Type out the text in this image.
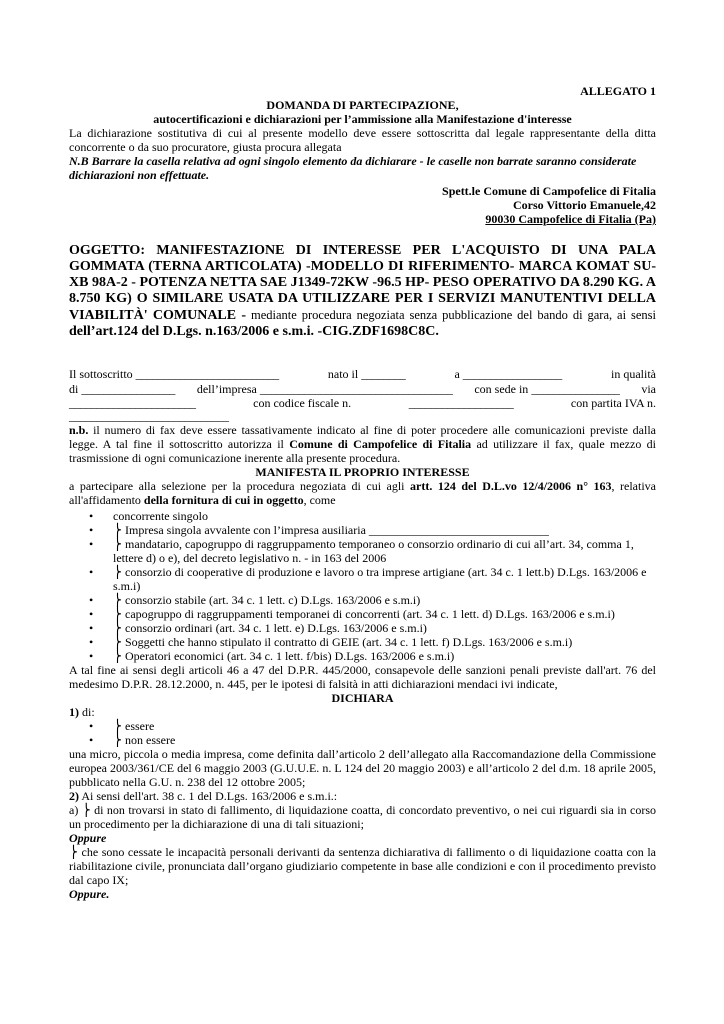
ALLEGATO 1

DOMANDA DI PARTECIPAZIONE,

autocertificazioni e dichiarazioni per l’ammissione alla Manifestazione d'interesse

La dichiarazione sostitutiva di cui al presente modello deve essere sottoscritta dal legale rappresentante della ditta concorrente o da suo procuratore, giusta procura allegata

N.B Barrare la casella relativa ad ogni singolo elemento da dichiarare - le caselle non barrate saranno considerate dichiarazioni non effettuate.

Spett.le Comune di Campofelice di Fitalia

Corso Vittorio Emanuele,42

90030 Campofelice di Fitalia (Pa)

OGGETTO: MANIFESTAZIONE DI INTERESSE PER L'ACQUISTO DI UNA PALA GOMMATA (TERNA ARTICOLATA) -MODELLO DI RIFERIMENTO- MARCA KOMAT SU- XB 98A-2 - POTENZA NETTA SAE J1349-72KW -96.5 HP- PESO OPERATIVO DA 8.290 KG. A 8.750 KG) O SIMILARE USATA DA UTILIZZARE PER I SERVIZI MANUTENTIVI DELLA VIABILITÀ' COMUNALE - mediante procedura negoziata senza pubblicazione del bando di gara, ai sensi dell’art.124 del D.Lgs. n.163/2006 e s.m.i. -CIG.ZDF1698C8C.

Il sottoscritto __________________________	nato il ________	a __________________	in qualità
di _________________ dell’impresa ___________________________________ con sede in ________________ via
_______________________	con codice fiscale n.	___________________	con partita IVA n.
_____________________________

n.b. il numero di fax deve essere tassativamente indicato al fine di poter procedere alle comunicazioni previste dalla legge. A tal fine il sottoscritto autorizza il Comune di Campofelice di Fitalia ad utilizzare il fax, quale mezzo di trasmissione di ogni comunicazione inerente alla presente procedura.

MANIFESTA IL PROPRIO INTERESSE

a partecipare alla selezione per la procedura negoziata di cui agli artt. 124 del D.L.vo 12/4/2006 n° 163, relativa all'affidamento della fornitura di cui in oggetto, come

• concorrente singolo
• ⎬ Impresa singola avvalente con l’impresa ausiliaria ______________________________
• ⎬ mandatario, capogruppo di raggruppamento temporaneo o consorzio ordinario di cui all’art. 34, comma 1, lettere d) o e), del decreto legislativo n. - in 163 del 2006
• ⎬ consorzio di cooperative di produzione e lavoro o tra imprese artigiane (art. 34 c. 1 lett.b) D.Lgs. 163/2006 e s.m.i)
• ⎬ consorzio stabile (art. 34 c. 1 lett. c) D.Lgs. 163/2006 e s.m.i)
• ⎬ capogruppo di raggruppamenti temporanei di concorrenti (art. 34 c. 1 lett. d) D.Lgs. 163/2006 e s.m.i)
• ⎬ consorzio ordinari (art. 34 c. 1 lett. e) D.Lgs. 163/2006 e s.m.i)
• ⎬ Soggetti che hanno stipulato il contratto di GEIE (art. 34 c. 1 lett. f) D.Lgs. 163/2006 e s.m.i)
• ⎬ Operatori economici (art. 34 c. 1 lett. f/bis) D.Lgs. 163/2006 e s.m.i)

A tal fine ai sensi degli articoli 46 a 47 del D.P.R. 445/2000, consapevole delle sanzioni penali previste dall'art. 76 del medesimo D.P.R. 28.12.2000, n. 445, per le ipotesi di falsità in atti dichiarazioni mendaci ivi indicate,

DICHIARA

1) di:

• ⎬ essere
• ⎬ non essere

una micro, piccola o media impresa, come definita dall’articolo 2 dell’allegato alla Raccomandazione della Commissione europea 2003/361/CE del 6 maggio 2003 (G.U.U.E. n. L 124 del 20 maggio 2003) e all’articolo 2 del d.m. 18 aprile 2005, pubblicato nella G.U. n. 238 del 12 ottobre 2005;

2) Ai sensi dell'art. 38 c. 1 del D.Lgs. 163/2006 e s.m.i.:

a) ⎬ di non trovarsi in stato di fallimento, di liquidazione coatta, di concordato preventivo, o nei cui riguardi sia in corso un procedimento per la dichiarazione di una di tali situazioni;

Oppure

⎬ che sono cessate le incapacità personali derivanti da sentenza dichiarativa di fallimento o di liquidazione coatta con la riabilitazione civile, pronunciata dall’organo giudiziario competente in base alle condizioni e con il procedimento previsto dal capo IX;

Oppure.
